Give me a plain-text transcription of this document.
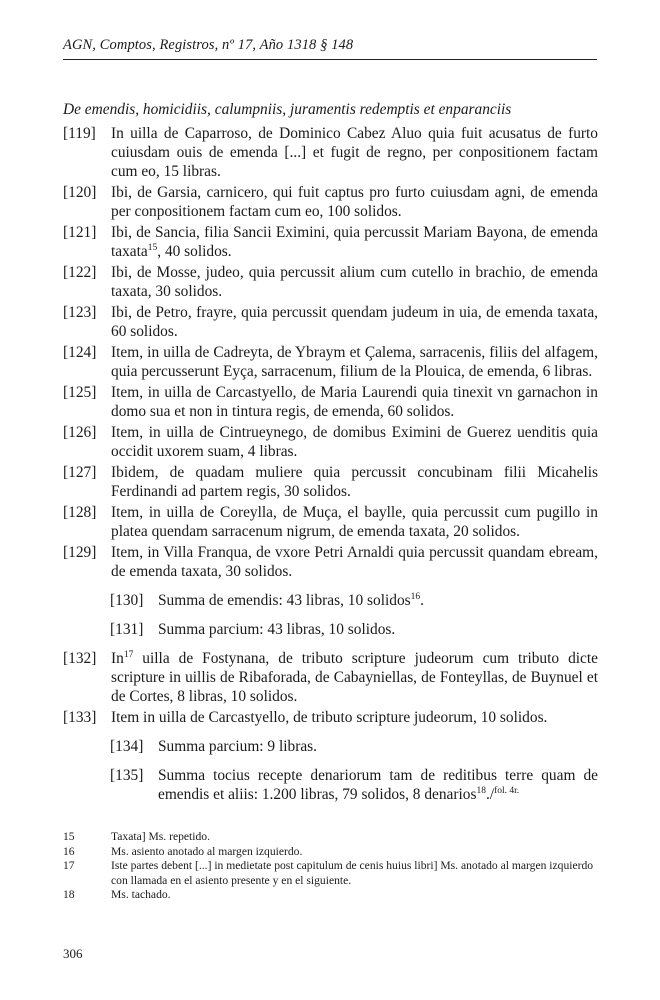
AGN, Comptos, Registros, nº 17, Año 1318 § 148
De emendis, homicidiis, calumpniis, juramentis redemptis et enparanciis
[119] In uilla de Caparroso, de Dominico Cabez Aluo quia fuit acusatus de furto cuiusdam ouis de emenda [...] et fugit de regno, per conpositionem factam cum eo, 15 libras.
[120] Ibi, de Garsia, carnicero, qui fuit captus pro furto cuiusdam agni, de emenda per conpositionem factam cum eo, 100 solidos.
[121] Ibi, de Sancia, filia Sancii Eximini, quia percussit Mariam Bayona, de emenda taxata$^{15}$, 40 solidos.
[122] Ibi, de Mosse, judeo, quia percussit alium cum cutello in brachio, de emenda taxata, 30 solidos.
[123] Ibi, de Petro, frayre, quia percussit quendam judeum in uia, de emenda taxata, 60 solidos.
[124] Item, in uilla de Cadreyta, de Ybraym et Çalema, sarracenis, filiis del alfagem, quia percusserunt Eyça, sarracenum, filium de la Plouica, de emenda, 6 libras.
[125] Item, in uilla de Carcastyello, de Maria Laurendi quia tinexit vn garnachon in domo sua et non in tintura regis, de emenda, 60 solidos.
[126] Item, in uilla de Cintrueynego, de domibus Eximini de Guerez uenditis quia occidit uxorem suam, 4 libras.
[127] Ibidem, de quadam muliere quia percussit concubinam filii Micahelis Ferdinandi ad partem regis, 30 solidos.
[128] Item, in uilla de Coreylla, de Muça, el baylle, quia percussit cum pugillo in platea quendam sarracenum nigrum, de emenda taxata, 20 solidos.
[129] Item, in Villa Franqua, de vxore Petri Arnaldi quia percussit quandam ebream, de emenda taxata, 30 solidos.
[130] Summa de emendis: 43 libras, 10 solidos$^{16}$.
[131] Summa parcium: 43 libras, 10 solidos.
[132] In$^{17}$ uilla de Fostynana, de tributo scripture judeorum cum tributo dicte scripture in uillis de Ribaforada, de Cabayniellas, de Fonteyllas, de Buynuel et de Cortes, 8 libras, 10 solidos.
[133] Item in uilla de Carcastyello, de tributo scripture judeorum, 10 solidos.
[134] Summa parcium: 9 libras.
[135] Summa tocius recepte denariorum tam de reditibus terre quam de emendis et aliis: 1.200 libras, 79 solidos, 8 denarios$^{18}$./$^{fol. 4r.}$
15	Taxata] Ms. repetido.
16	Ms. asiento anotado al margen izquierdo.
17	Iste partes debent [...] in medietate post capitulum de cenis huius libri] Ms. anotado al margen izquierdo con llamada en el asiento presente y en el siguiente.
18	Ms. tachado.
306
